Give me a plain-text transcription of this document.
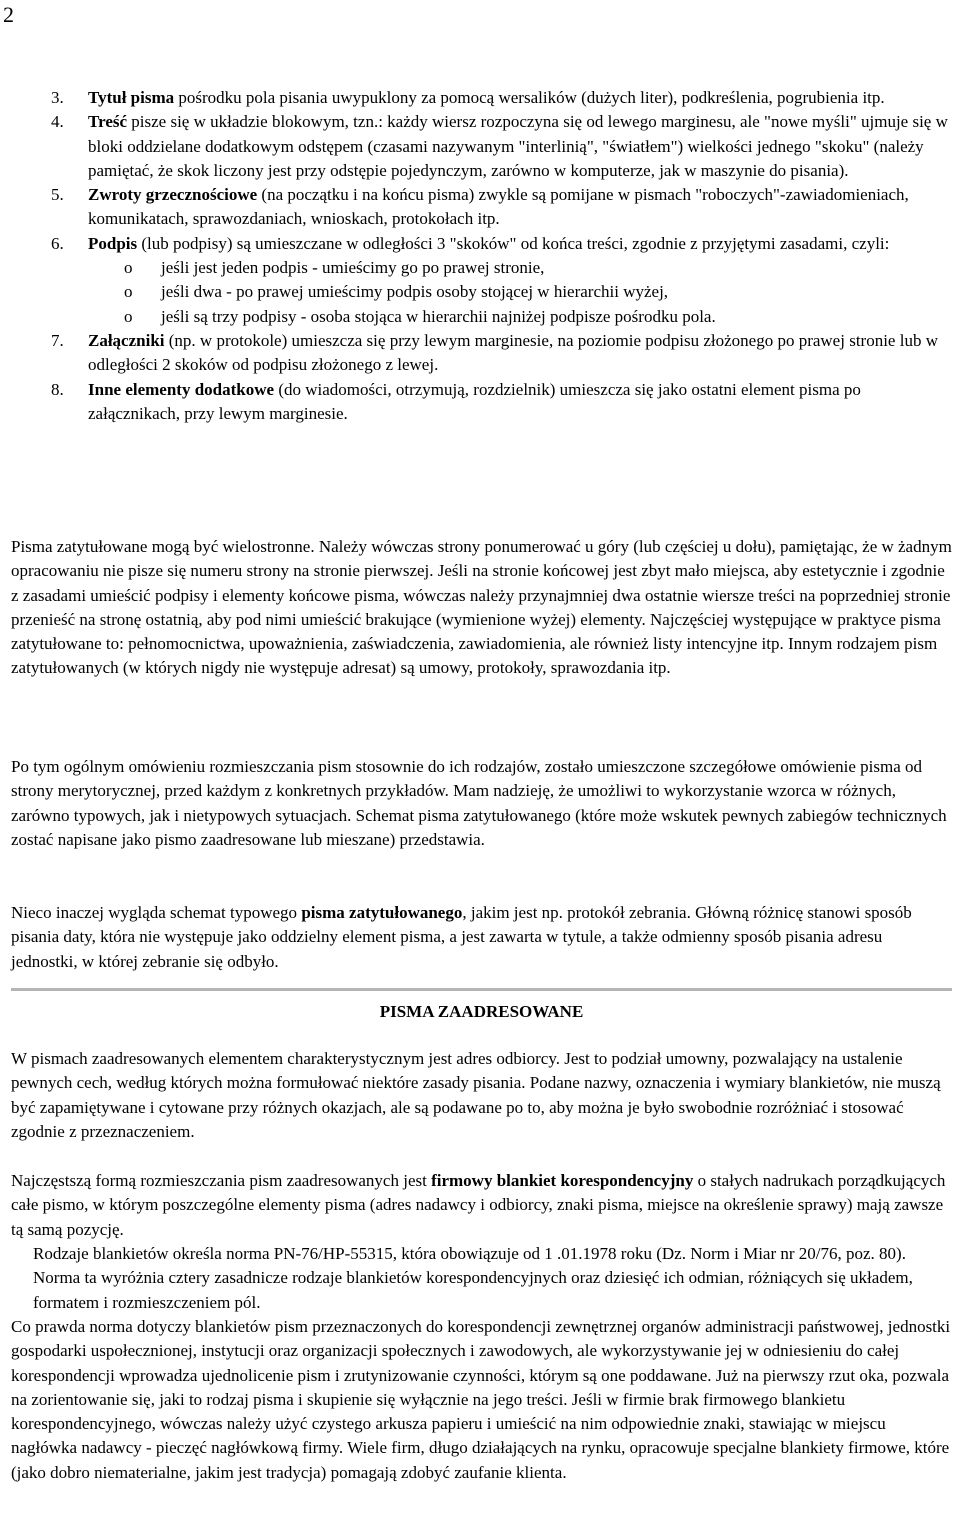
2
3. Tytuł pisma pośrodku pola pisania uwypuklony za pomocą wersalików (dużych liter), podkreślenia, pogrubienia itp.
4. Treść pisze się w układzie blokowym, tzn.: każdy wiersz rozpoczyna się od lewego marginesu, ale "nowe myśli" ujmuje się w bloki oddzielane dodatkowym odstępem (czasami nazywanym "interlinią", "światłem") wielkości jednego "skoku" (należy pamiętać, że skok liczony jest przy odstępie pojedynczym, zarówno w komputerze, jak w maszynie do pisania).
5. Zwroty grzecznościowe (na początku i na końcu pisma) zwykle są pomijane w pismach "roboczych"-zawiadomieniach, komunikatach, sprawozdaniach, wnioskach, protokołach itp.
6. Podpis (lub podpisy) są umieszczane w odległości 3 "skoków" od końca treści, zgodnie z przyjętymi zasadami, czyli:
o jeśli jest jeden podpis - umieścimy go po prawej stronie,
o jeśli dwa - po prawej umieścimy podpis osoby stojącej w hierarchii wyżej,
o jeśli są trzy podpisy - osoba stojąca w hierarchii najniżej podpisze pośrodku pola.
7. Załączniki (np. w protokole) umieszcza się przy lewym marginesie, na poziomie podpisu złożonego po prawej stronie lub w odległości 2 skoków od podpisu złożonego z lewej.
8. Inne elementy dodatkowe (do wiadomości, otrzymują, rozdzielnik) umieszcza się jako ostatni element pisma po załącznikach, przy lewym marginesie.
Pisma zatytułowane mogą być wielostronne. Należy wówczas strony ponumerować u góry (lub częściej u dołu), pamiętając, że w żadnym opracowaniu nie pisze się numeru strony na stronie pierwszej. Jeśli na stronie końcowej jest zbyt mało miejsca, aby estetycznie i zgodnie z zasadami umieścić podpisy i elementy końcowe pisma, wówczas należy przynajmniej dwa ostatnie wiersze treści na poprzedniej stronie przenieść na stronę ostatnią, aby pod nimi umieścić brakujące (wymienione wyżej) elementy. Najczęściej występujące w praktyce pisma zatytułowane to: pełnomocnictwa, upoważnienia, zaświadczenia, zawiadomienia, ale również listy intencyjne itp. Innym rodzajem pism zatytułowanych (w których nigdy nie występuje adresat) są umowy, protokoły, sprawozdania itp.
Po tym ogólnym omówieniu rozmieszczania pism stosownie do ich rodzajów, zostało umieszczone szczegółowe omówienie pisma od strony merytorycznej, przed każdym z konkretnych przykładów. Mam nadzieję, że umożliwi to wykorzystanie wzorca w różnych, zarówno typowych, jak i nietypowych sytuacjach. Schemat pisma zatytułowanego (które może wskutek pewnych zabiegów technicznych zostać napisane jako pismo zaadresowane lub mieszane) przedstawia.
Nieco inaczej wygląda schemat typowego pisma zatytułowanego, jakim jest np. protokół zebrania. Główną różnicę stanowi sposób pisania daty, która nie występuje jako oddzielny element pisma, a jest zawarta w tytule, a także odmienny sposób pisania adresu jednostki, w której zebranie się odbyło.
PISMA ZAADRESOWANE
W pismach zaadresowanych elementem charakterystycznym jest adres odbiorcy. Jest to podział umowny, pozwalający na ustalenie pewnych cech, według których można formułować niektóre zasady pisania. Podane nazwy, oznaczenia i wymiary blankietów, nie muszą być zapamiętywane i cytowane przy różnych okazjach, ale są podawane po to, aby można je było swobodnie rozróżniać i stosować zgodnie z przeznaczeniem.
Najczęstszą formą rozmieszczania pism zaadresowanych jest firmowy blankiet korespondencyjny o stałych nadrukach porządkujących całe pismo, w którym poszczególne elementy pisma (adres nadawcy i odbiorcy, znaki pisma, miejsce na określenie sprawy) mają zawsze tą samą pozycję.
Rodzaje blankietów określa norma PN-76/HP-55315, która obowiązuje od 1 .01.1978 roku (Dz. Norm i Miar nr 20/76, poz. 80). Norma ta wyróżnia cztery zasadnicze rodzaje blankietów korespondencyjnych oraz dziesięć ich odmian, różniących się układem, formatem i rozmieszczeniem pól.
Co prawda norma dotyczy blankietów pism przeznaczonych do korespondencji zewnętrznej organów administracji państwowej, jednostki gospodarki uspołecznionej, instytucji oraz organizacji społecznych i zawodowych, ale wykorzystywanie jej w odniesieniu do całej korespondencji wprowadza ujednolicenie pism i zrutynizowanie czynności, którym są one poddawane. Już na pierwszy rzut oka, pozwala na zorientowanie się, jaki to rodzaj pisma i skupienie się wyłącznie na jego treści. Jeśli w firmie brak firmowego blankietu korespondencyjnego, wówczas należy użyć czystego arkusza papieru i umieścić na nim odpowiednie znaki, stawiając w miejscu nagłówka nadawcy - pieczęć nagłówkową firmy. Wiele firm, długo działających na rynku, opracowuje specjalne blankiety firmowe, które (jako dobro niematerialne, jakim jest tradycja) pomagają zdobyć zaufanie klienta.
